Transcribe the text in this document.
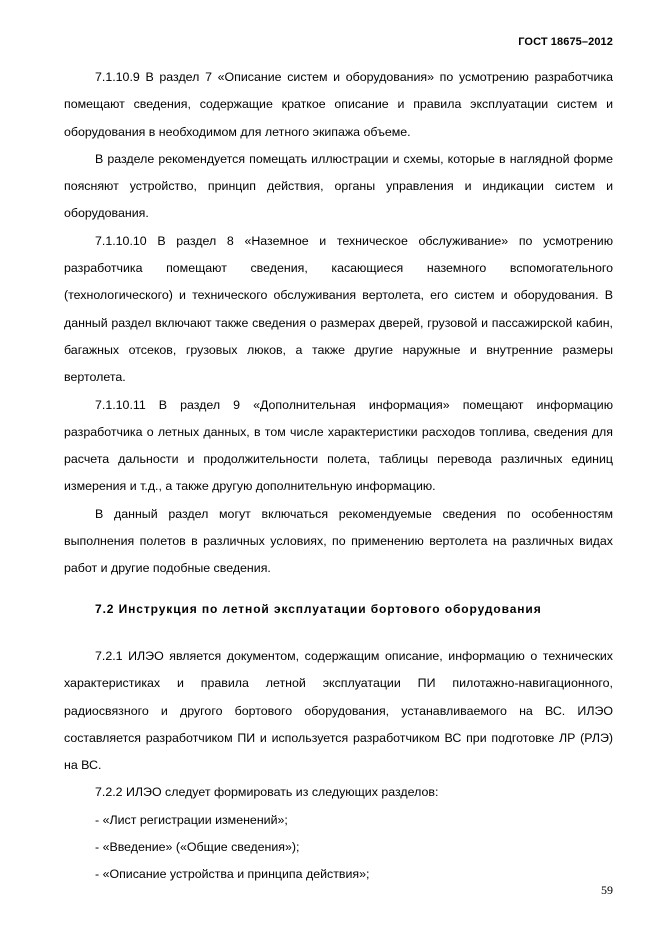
ГОСТ 18675–2012

7.1.10.9 В раздел 7 «Описание систем и оборудования» по усмотрению разработчика помещают сведения, содержащие краткое описание и правила эксплуатации систем и оборудования в необходимом для летного экипажа объеме.

В разделе рекомендуется помещать иллюстрации и схемы, которые в наглядной форме поясняют устройство, принцип действия, органы управления и индикации систем и оборудования.

7.1.10.10 В раздел 8 «Наземное и техническое обслуживание» по усмотрению разработчика помещают сведения, касающиеся наземного вспомогательного (технологического) и технического обслуживания вертолета, его систем и оборудования. В данный раздел включают также сведения о размерах дверей, грузовой и пассажирской кабин, багажных отсеков, грузовых люков, а также другие наружные и внутренние размеры вертолета.

7.1.10.11 В раздел 9 «Дополнительная информация» помещают информацию разработчика о летных данных, в том числе характеристики расходов топлива, сведения для расчета дальности и продолжительности полета, таблицы перевода различных единиц измерения и т.д., а также другую дополнительную информацию.

В данный раздел могут включаться рекомендуемые сведения по особенностям выполнения полетов в различных условиях, по применению вертолета на различных видах работ и другие подобные сведения.

7.2 Инструкция по летной эксплуатации бортового оборудования

7.2.1 ИЛЭО является документом, содержащим описание, информацию о технических характеристиках и правила летной эксплуатации ПИ пилотажно-навигационного, радиосвязного и другого бортового оборудования, устанавливаемого на ВС. ИЛЭО составляется разработчиком ПИ и используется разработчиком ВС при подготовке ЛР (РЛЭ) на ВС.

7.2.2 ИЛЭО следует формировать из следующих разделов:

- «Лист регистрации изменений»;

- «Введение» («Общие сведения»);

- «Описание устройства и принципа действия»;

59
